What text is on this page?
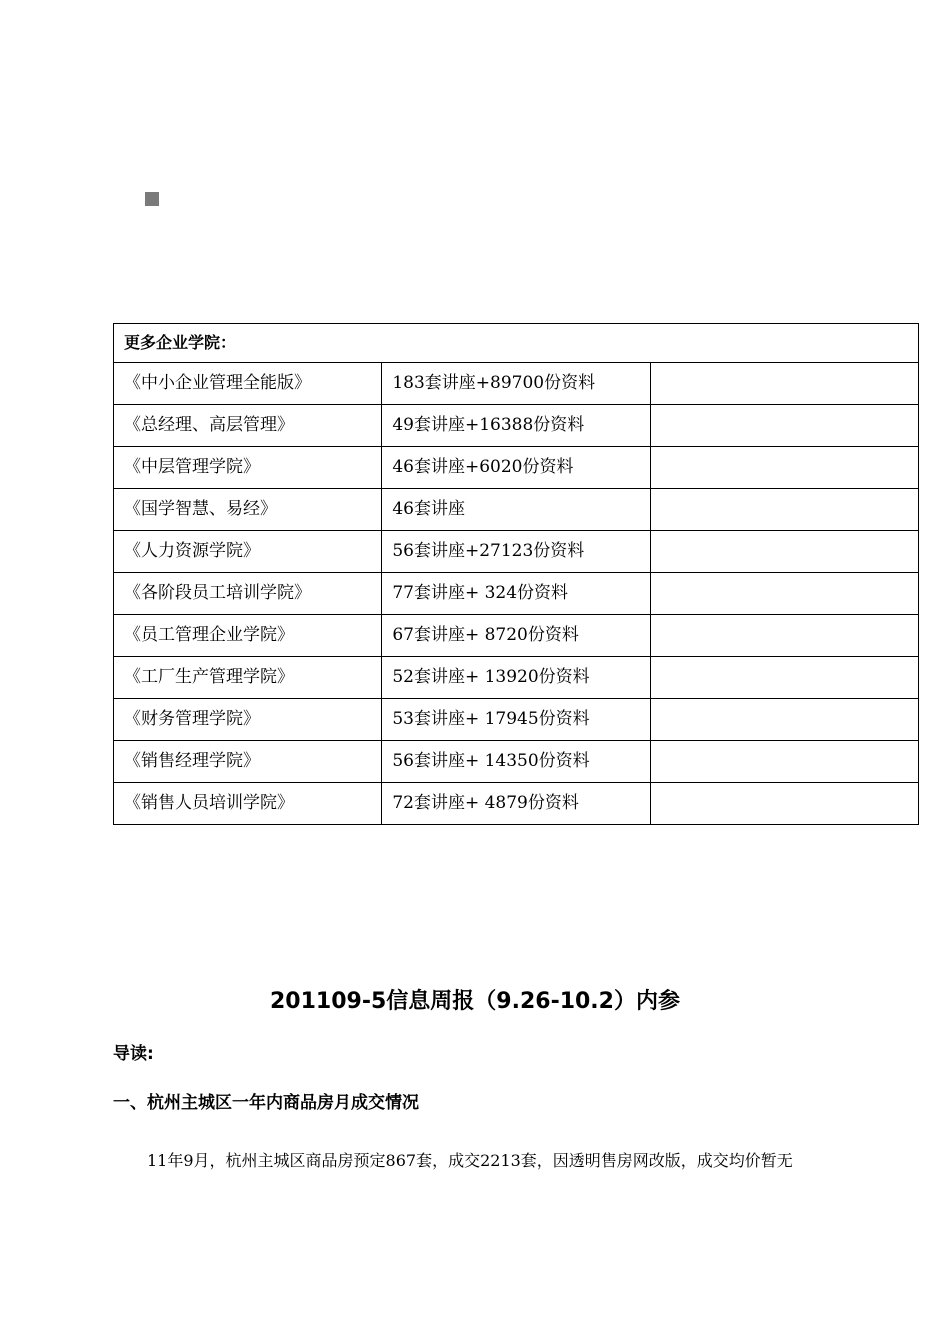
更多企业学院：		
《中小企业管理全能版》	183套讲座+89700份资料	
《总经理、高层管理》	49套讲座+16388份资料	
《中层管理学院》	46套讲座+6020份资料	
《国学智慧、易经》	46套讲座	
《人力资源学院》	56套讲座+27123份资料	
《各阶段员工培训学院》	77套讲座+ 324份资料	
《员工管理企业学院》	67套讲座+ 8720份资料	
《工厂生产管理学院》	52套讲座+ 13920份资料	
《财务管理学院》	53套讲座+ 17945份资料	
《销售经理学院》	56套讲座+ 14350份资料	
《销售人员培训学院》	72套讲座+ 4879份资料	
201109-5信息周报（9.26-10.2）内参
导读:
一、杭州主城区一年内商品房月成交情况
11年9月，杭州主城区商品房预定867套，成交2213套，因透明售房网改版，成交均价暂无
